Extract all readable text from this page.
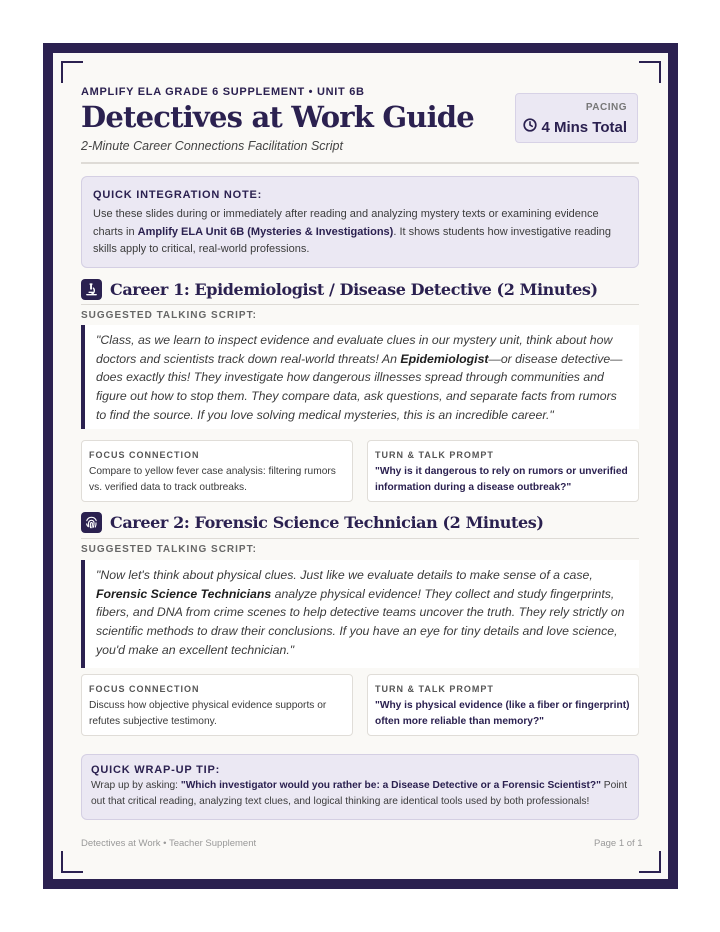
AMPLIFY ELA GRADE 6 SUPPLEMENT • UNIT 6B
Detectives at Work Guide
2-Minute Career Connections Facilitation Script
PACING
4 Mins Total
QUICK INTEGRATION NOTE:
Use these slides during or immediately after reading and analyzing mystery texts or examining evidence charts in Amplify ELA Unit 6B (Mysteries & Investigations). It shows students how investigative reading skills apply to critical, real-world professions.
Career 1: Epidemiologist / Disease Detective (2 Minutes)
SUGGESTED TALKING SCRIPT:
"Class, as we learn to inspect evidence and evaluate clues in our mystery unit, think about how doctors and scientists track down real-world threats! An Epidemiologist—or disease detective—does exactly this! They investigate how dangerous illnesses spread through communities and figure out how to stop them. They compare data, ask questions, and separate facts from rumors to find the source. If you love solving medical mysteries, this is an incredible career."
FOCUS CONNECTION
Compare to yellow fever case analysis: filtering rumors vs. verified data to track outbreaks.
TURN & TALK PROMPT
"Why is it dangerous to rely on rumors or unverified information during a disease outbreak?"
Career 2: Forensic Science Technician (2 Minutes)
SUGGESTED TALKING SCRIPT:
"Now let's think about physical clues. Just like we evaluate details to make sense of a case, Forensic Science Technicians analyze physical evidence! They collect and study fingerprints, fibers, and DNA from crime scenes to help detective teams uncover the truth. They rely strictly on scientific methods to draw their conclusions. If you have an eye for tiny details and love science, you'd make an excellent technician."
FOCUS CONNECTION
Discuss how objective physical evidence supports or refutes subjective testimony.
TURN & TALK PROMPT
"Why is physical evidence (like a fiber or fingerprint) often more reliable than memory?"
QUICK WRAP-UP TIP:
Wrap up by asking: "Which investigator would you rather be: a Disease Detective or a Forensic Scientist?" Point out that critical reading, analyzing text clues, and logical thinking are identical tools used by both professionals!
Detectives at Work • Teacher Supplement	Page 1 of 1
